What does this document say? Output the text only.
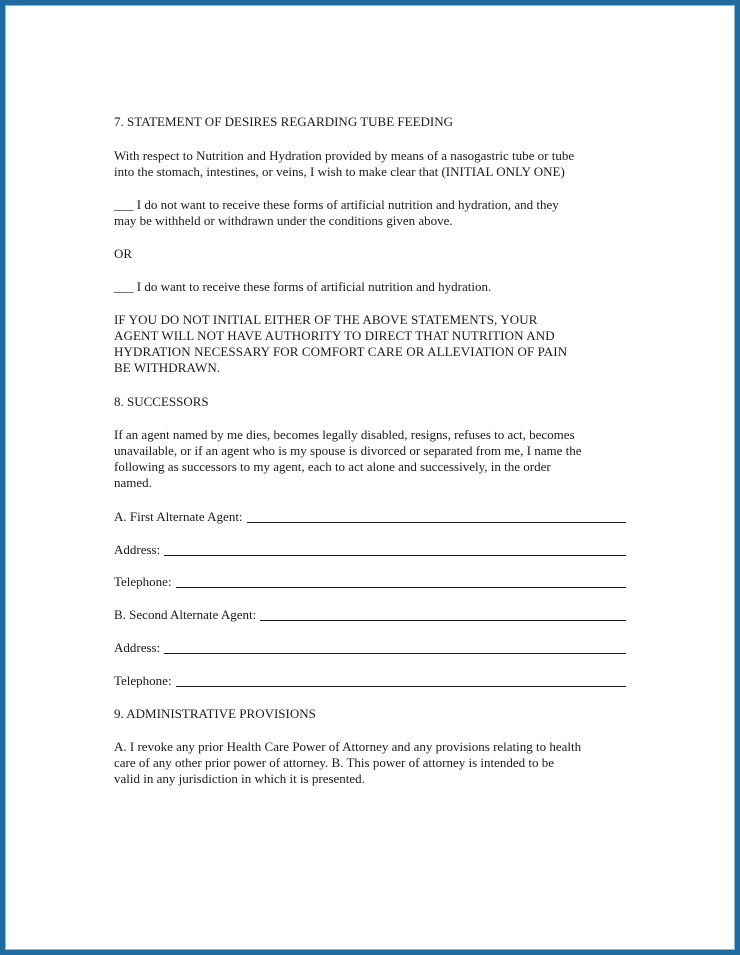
7. STATEMENT OF DESIRES REGARDING TUBE FEEDING
With respect to Nutrition and Hydration provided by means of a nasogastric tube or tube
into the stomach, intestines, or veins, I wish to make clear that (INITIAL ONLY ONE)
___ I do not want to receive these forms of artificial nutrition and hydration, and they
may be withheld or withdrawn under the conditions given above.
OR
___ I do want to receive these forms of artificial nutrition and hydration.
IF YOU DO NOT INITIAL EITHER OF THE ABOVE STATEMENTS, YOUR
AGENT WILL NOT HAVE AUTHORITY TO DIRECT THAT NUTRITION AND
HYDRATION NECESSARY FOR COMFORT CARE OR ALLEVIATION OF PAIN
BE WITHDRAWN.
8. SUCCESSORS
If an agent named by me dies, becomes legally disabled, resigns, refuses to act, becomes
unavailable, or if an agent who is my spouse is divorced or separated from me, I name the
following as successors to my agent, each to act alone and successively, in the order
named.
A. First Alternate Agent:
Address:
Telephone:
B. Second Alternate Agent:
Address:
Telephone:
9. ADMINISTRATIVE PROVISIONS
A. I revoke any prior Health Care Power of Attorney and any provisions relating to health
care of any other prior power of attorney. B. This power of attorney is intended to be
valid in any jurisdiction in which it is presented.
